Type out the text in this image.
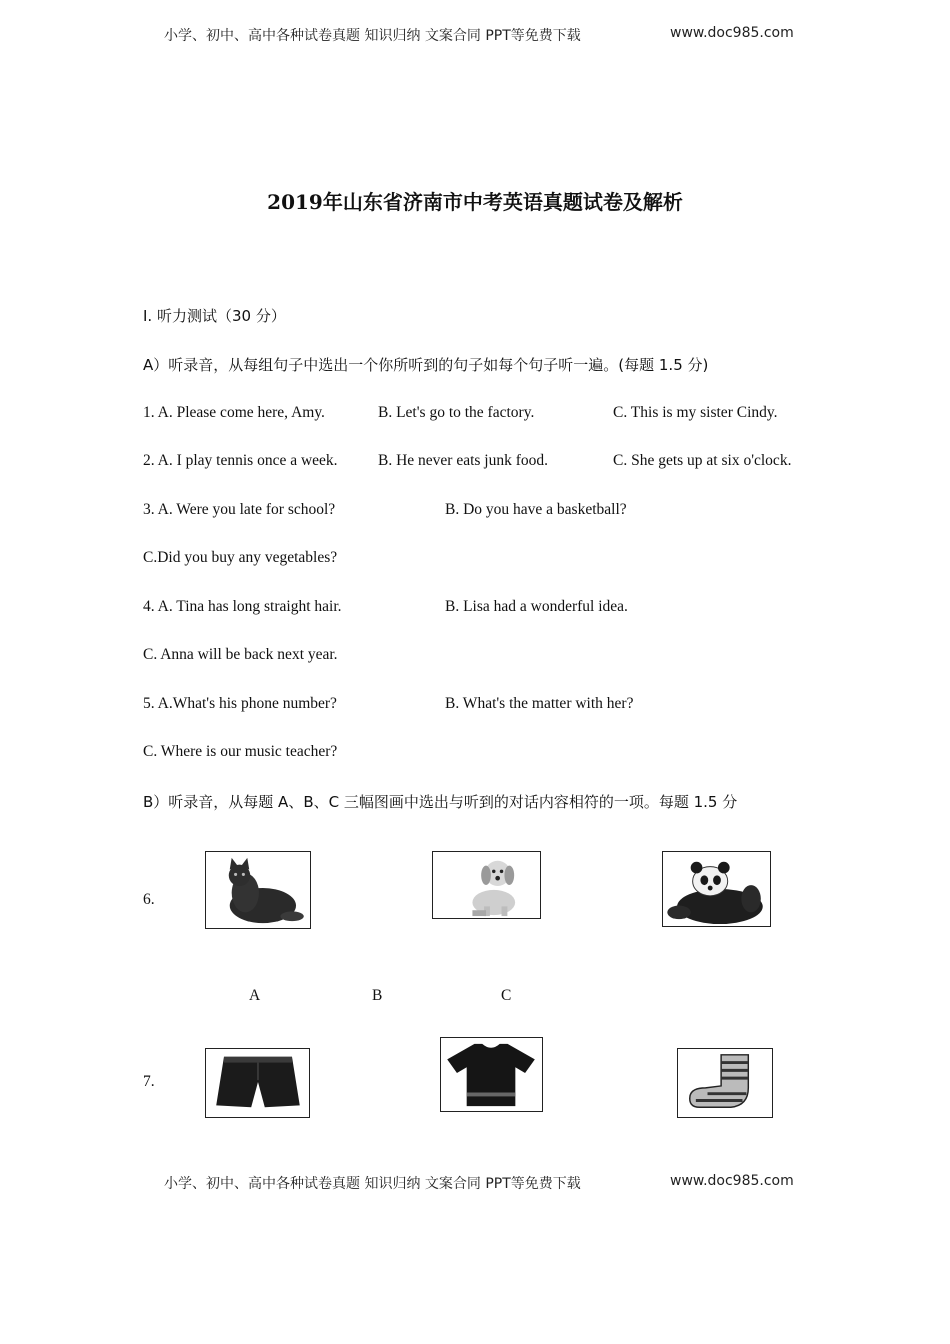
小学、初中、高中各种试卷真题 知识归纳 文案合同 PPT等免费下载	www.doc985.com
2019年山东省济南市中考英语真题试卷及解析
I. 听力测试（30 分）
A）听录音，从每组句子中选出一个你所听到的句子如每个句子听一遍。(每题 1.5 分)
1. A. Please come here, Amy.	B. Let's go to the factory.	C. This is my sister Cindy.
2. A. I play tennis once a week.	B. He never eats junk food.	C. She gets up at six o'clock.
3. A. Were you late for school?	B. Do you have a basketball?
C.Did you buy any vegetables?
4. A. Tina has long straight hair.	B. Lisa had a wonderful idea.
C. Anna will be back next year.
5. A.What's his phone number?	B. What's the matter with her?
C. Where is our music teacher?
B）听录音，从每题 A、B、C 三幅图画中选出与听到的对话内容相符的一项。每题 1.5 分
6.
A	B	C
7.
小学、初中、高中各种试卷真题 知识归纳 文案合同 PPT等免费下载	www.doc985.com
